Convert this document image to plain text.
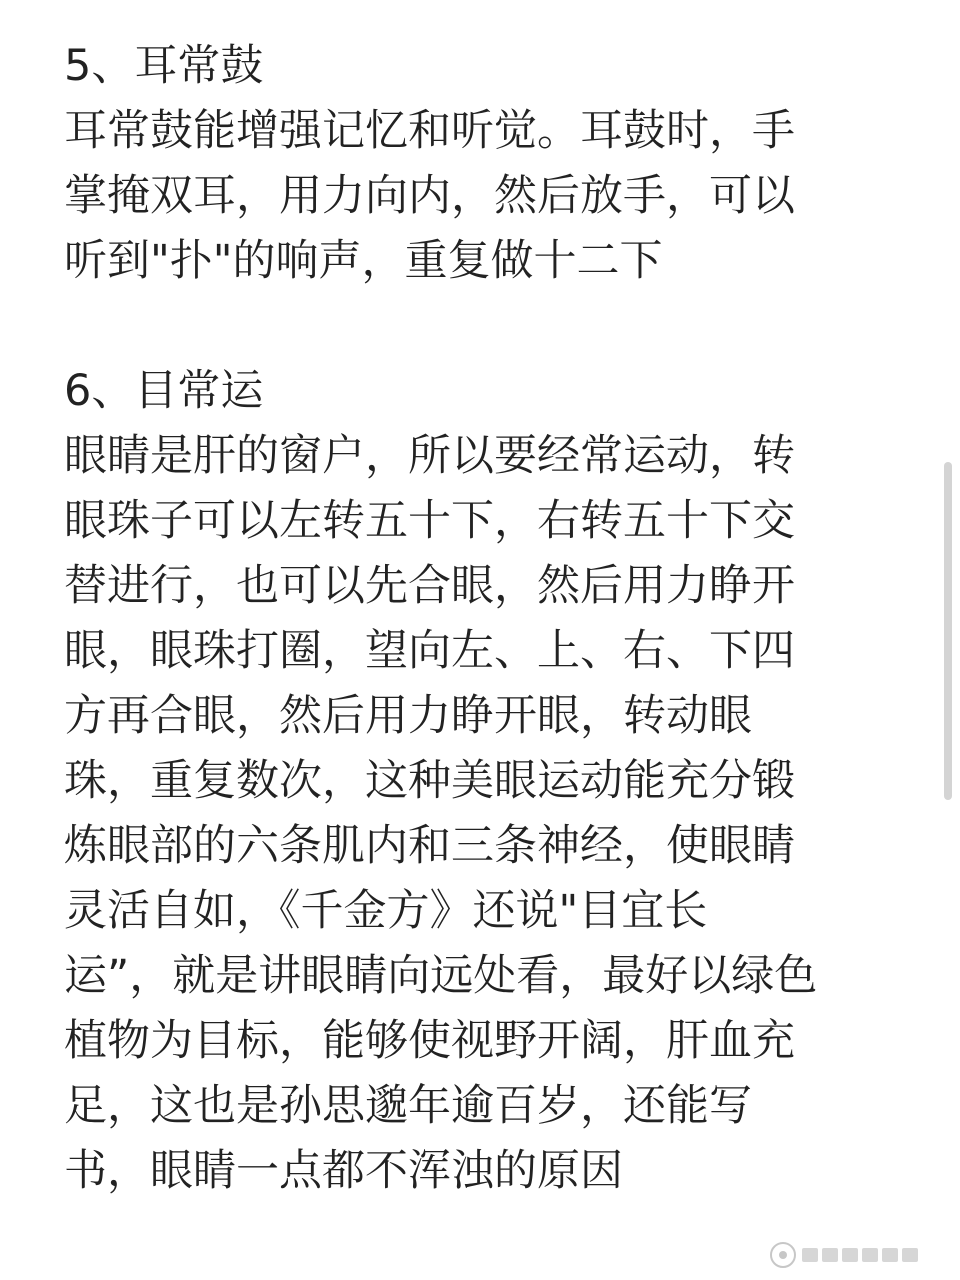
5、耳常鼓
耳常鼓能增强记忆和听觉。耳鼓时，手
掌掩双耳，用力向内，然后放手，可以
听到"扑"的响声，重复做十二下
6、目常运
眼睛是肝的窗户，所以要经常运动，转
眼珠子可以左转五十下，右转五十下交
替进行，也可以先合眼，然后用力睁开
眼，眼珠打圈，望向左、上、右、下四
方再合眼，然后用力睁开眼，转动眼
珠，重复数次，这种美眼运动能充分锻
炼眼部的六条肌内和三条神经，使眼睛
灵活自如，《千金方》还说"目宜长
运”，就是讲眼睛向远处看，最好以绿色
植物为目标，能够使视野开阔，肝血充
足，这也是孙思邈年逾百岁，还能写
书，眼睛一点都不浑浊的原因
